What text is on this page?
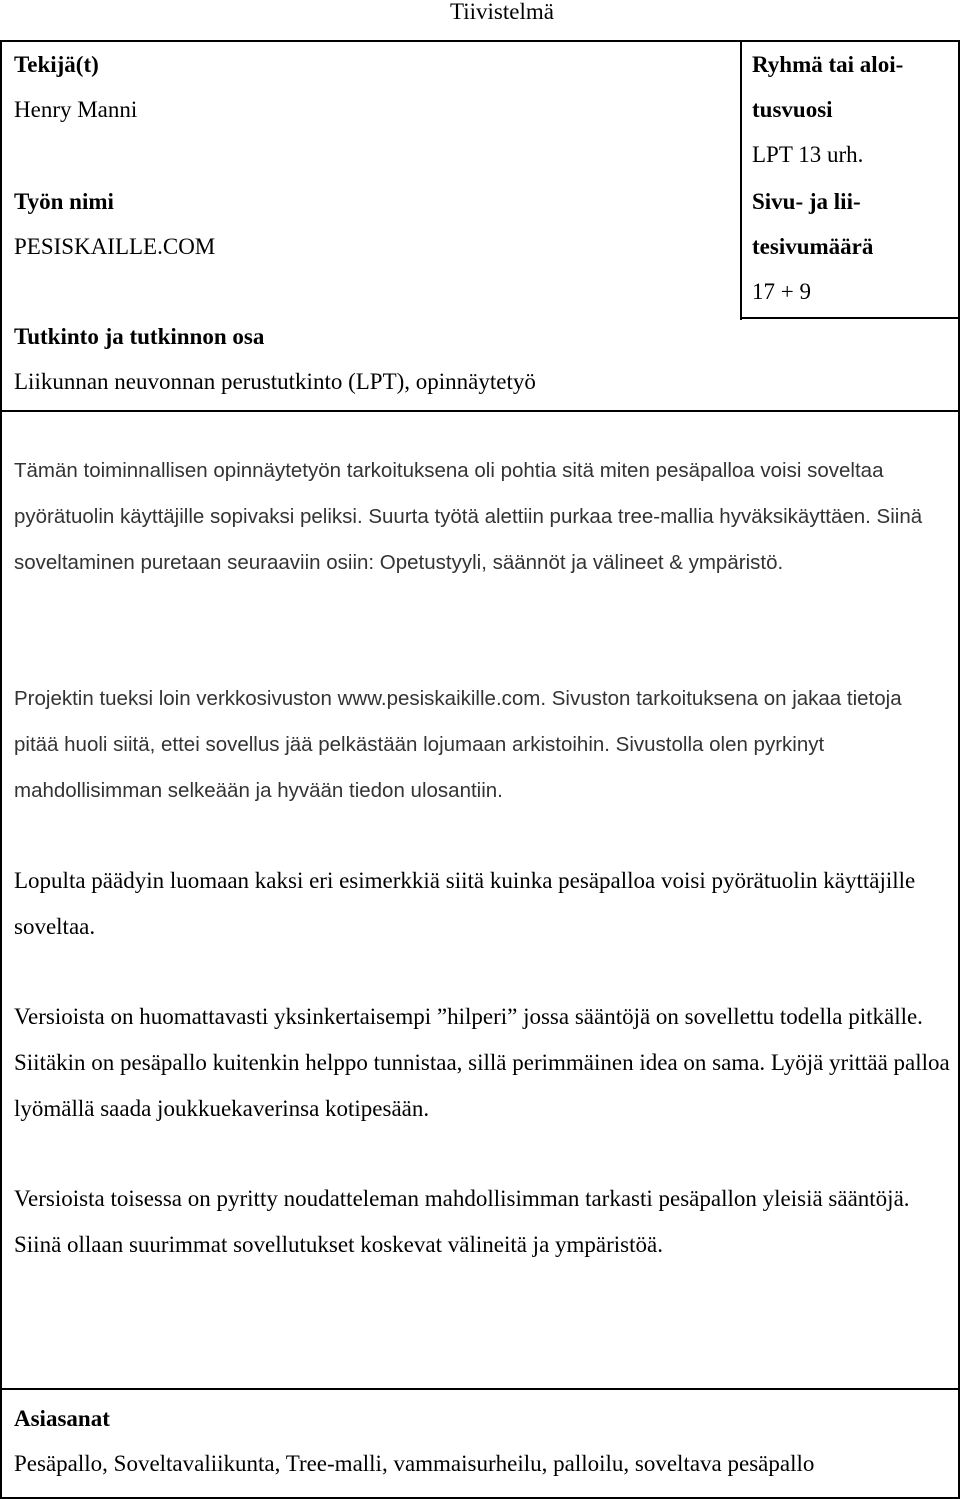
Tiivistelmä

Tekijä(t)

Henry Manni

Työn nimi

PESISKAILLE.COM

Tutkinto ja tutkinnon osa

Liikunnan neuvonnan perustutkinto (LPT), opinnäytetyö

Ryhmä tai aloi-

tusvuosi

LPT 13 urh.

Sivu- ja lii-

tesivumäärä

17 + 9

Tämän toiminnallisen opinnäytetyön tarkoituksena oli pohtia sitä miten pesäpalloa voisi soveltaa pyörätuolin käyttäjille sopivaksi peliksi. Suurta työtä alettiin purkaa tree-mallia hyväksikäyttäen. Siinä soveltaminen puretaan seuraaviin osiin: Opetustyyli, säännöt ja välineet & ympäristö.

Projektin tueksi loin verkkosivuston www.pesiskaikille.com. Sivuston tarkoituksena on jakaa tietoja pitää huoli siitä, ettei sovellus jää pelkästään lojumaan arkistoihin. Sivustolla olen pyrkinyt mahdollisimman selkeään ja hyvään tiedon ulosantiin.

Lopulta päädyin luomaan kaksi eri esimerkkiä siitä kuinka pesäpalloa voisi pyörätuolin käyttäjille soveltaa.

Versioista on huomattavasti yksinkertaisempi ”hilperi” jossa sääntöjä on sovellettu todella pitkälle. Siitäkin on pesäpallo kuitenkin helppo tunnistaa, sillä perimmäinen idea on sama. Lyöjä yrittää palloa lyömällä saada joukkuekaverinsa kotipesään.

Versioista toisessa on pyritty noudatteleman mahdollisimman tarkasti pesäpallon yleisiä sääntöjä. Siinä ollaan suurimmat sovellutukset koskevat välineitä ja ympäristöä.

Asiasanat

Pesäpallo, Soveltavaliikunta, Tree-malli, vammaisurheilu, palloilu, soveltava pesäpallo
